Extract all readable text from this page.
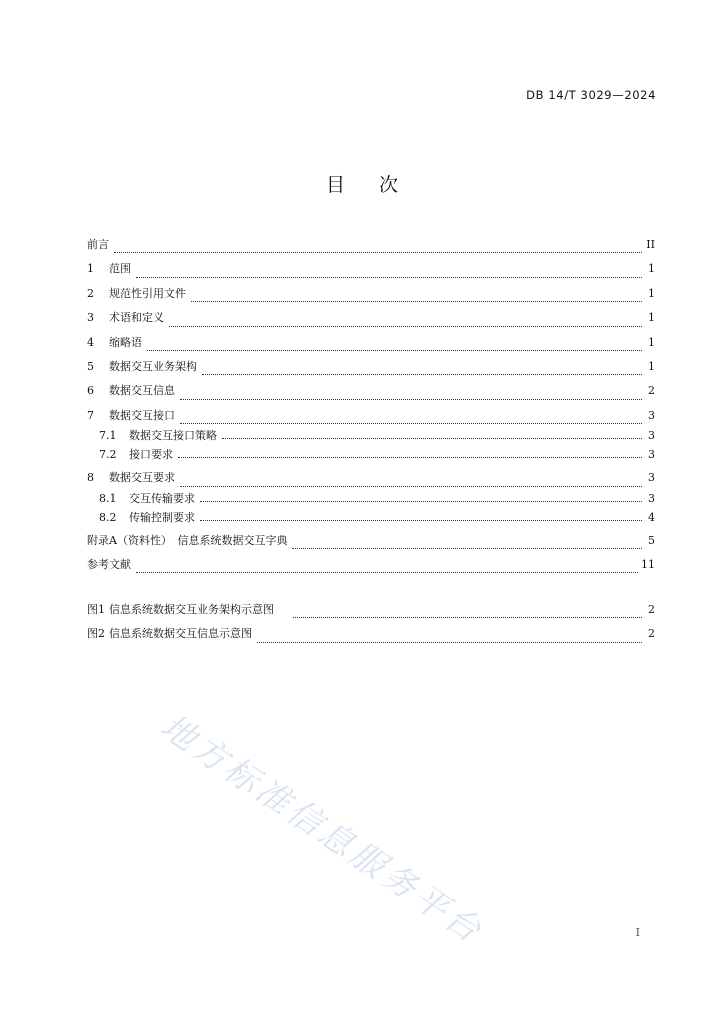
DB 14/T 3029—2024
目次
前言	II
1	范围	1
2	规范性引用文件	1
3	术语和定义	1
4	缩略语	1
5	数据交互业务架构	1
6	数据交互信息	2
7	数据交互接口	3
7.1	数据交互接口策略	3
7.2	接口要求	3
8	数据交互要求	3
8.1	交互传输要求	3
8.2	传输控制要求	4
附录A（资料性）　信息系统数据交互字典	5
参考文献	11
图1 信息系统数据交互业务架构示意图	2
图2 信息系统数据交互信息示意图	2
地方标准信息服务平台	I
